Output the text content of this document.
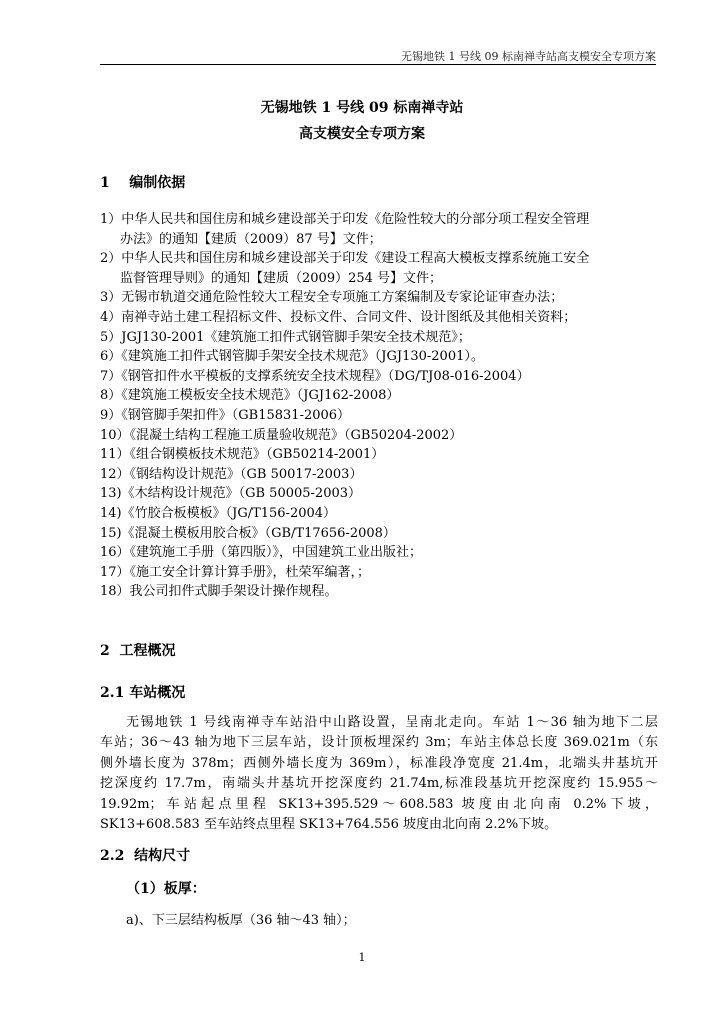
无锡地铁 1 号线 09 标南禅寺站高支模安全专项方案
无锡地铁 1 号线 09 标南禅寺站
高支模安全专项方案
1    编制依据
1）中华人民共和国住房和城乡建设部关于印发《危险性较大的分部分项工程安全管理
办法》的通知【建质（2009）87 号】文件；
2）中华人民共和国住房和城乡建设部关于印发《建设工程高大模板支撑系统施工安全
监督管理导则》的通知【建质（2009）254 号】文件；
3）无锡市轨道交通危险性较大工程安全专项施工方案编制及专家论证审查办法；
4）南禅寺站土建工程招标文件、投标文件、合同文件、设计图纸及其他相关资料；
5）JGJ130-2001《建筑施工扣件式钢管脚手架安全技术规范》；
6）《建筑施工扣件式钢管脚手架安全技术规范》（JGJ130-2001）。
7）《钢管扣件水平模板的支撑系统安全技术规程》（DG/TJ08-016-2004）
8）《建筑施工模板安全技术规范》（JGJ162-2008）
9）《钢管脚手架扣件》（GB15831-2006）
10）《混凝土结构工程施工质量验收规范》（GB50204-2002）
11）《组合钢模板技术规范》（GB50214-2001）
12）《钢结构设计规范》（GB 50017-2003）
13)《木结构设计规范》（GB 50005-2003）
14)《竹胶合板模板》（JG/T156-2004）
15)《混凝土模板用胶合板》（GB/T17656-2008）
16）《建筑施工手册（第四版）》，中国建筑工业出版社；
17）《施工安全计算计算手册》，杜荣军编著，；
18）我公司扣件式脚手架设计操作规程。
2  工程概况
2.1 车站概况
无锡地铁 1 号线南禅寺车站沿中山路设置，呈南北走向。车站 1～36 轴为地下二层
车站；36～43 轴为地下三层车站，设计顶板埋深约 3m；车站主体总长度 369.021m（东
侧外墙长度为 378m；西侧外墙长度为 369m），标准段净宽度 21.4m，北端头井基坑开
挖深度约 17.7m，南端头井基坑开挖深度约 21.74m,标准段基坑开挖深度约 15.955～
19.92m；车站起点里程 SK13+395.529～608.583 坡度由北向南 0.2%下坡，
SK13+608.583 至车站终点里程 SK13+764.556 坡度由北向南 2.2%下坡。
2.2  结构尺寸
（1）板厚：
a)、下三层结构板厚（36 轴～43 轴）；
1
